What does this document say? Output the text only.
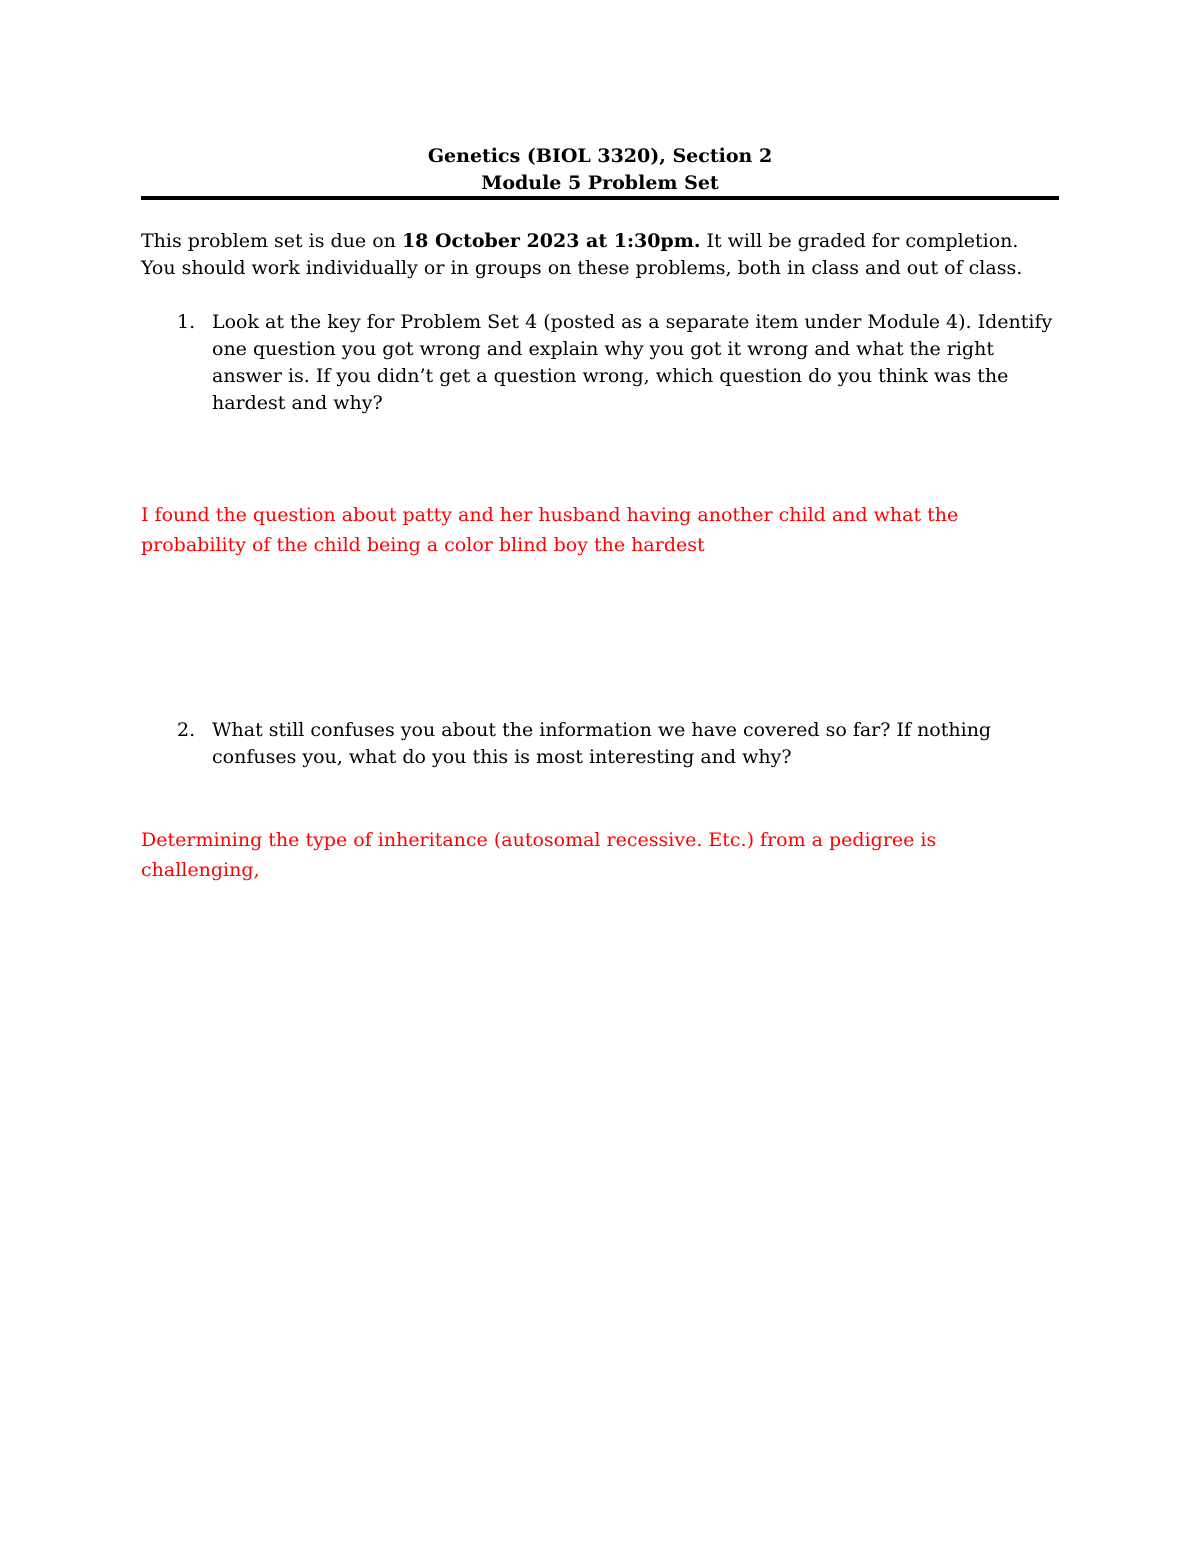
Genetics (BIOL 3320), Section 2
Module 5 Problem Set
This problem set is due on 18 October 2023 at 1:30pm. It will be graded for completion. You should work individually or in groups on these problems, both in class and out of class.
1. Look at the key for Problem Set 4 (posted as a separate item under Module 4). Identify one question you got wrong and explain why you got it wrong and what the right answer is. If you didn’t get a question wrong, which question do you think was the hardest and why?
I found the question about patty and her husband having another child and what the probability of the child being a color blind boy the hardest
2. What still confuses you about the information we have covered so far? If nothing confuses you, what do you this is most interesting and why?
Determining the type of inheritance (autosomal recessive. Etc.) from a pedigree is challenging,
